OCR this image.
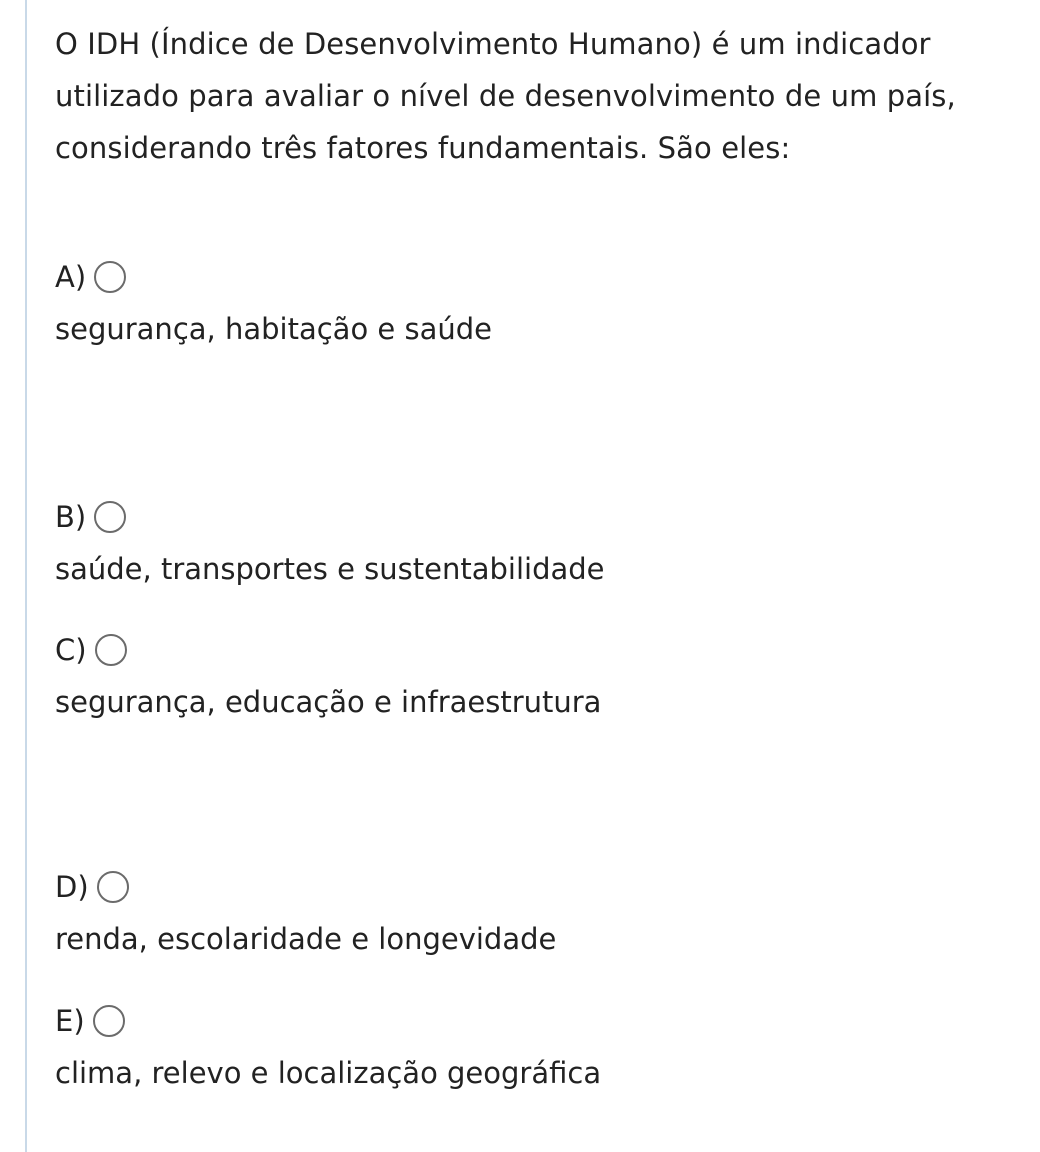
O IDH (Índice de Desenvolvimento Humano) é um indicador utilizado para avaliar o nível de desenvolvimento de um país, considerando três fatores fundamentais. São eles:

A)
segurança, habitação e saúde
B)
saúde, transportes e sustentabilidade
C)
segurança, educação e infraestrutura
D)
renda, escolaridade e longevidade
E)
clima, relevo e localização geográfica
